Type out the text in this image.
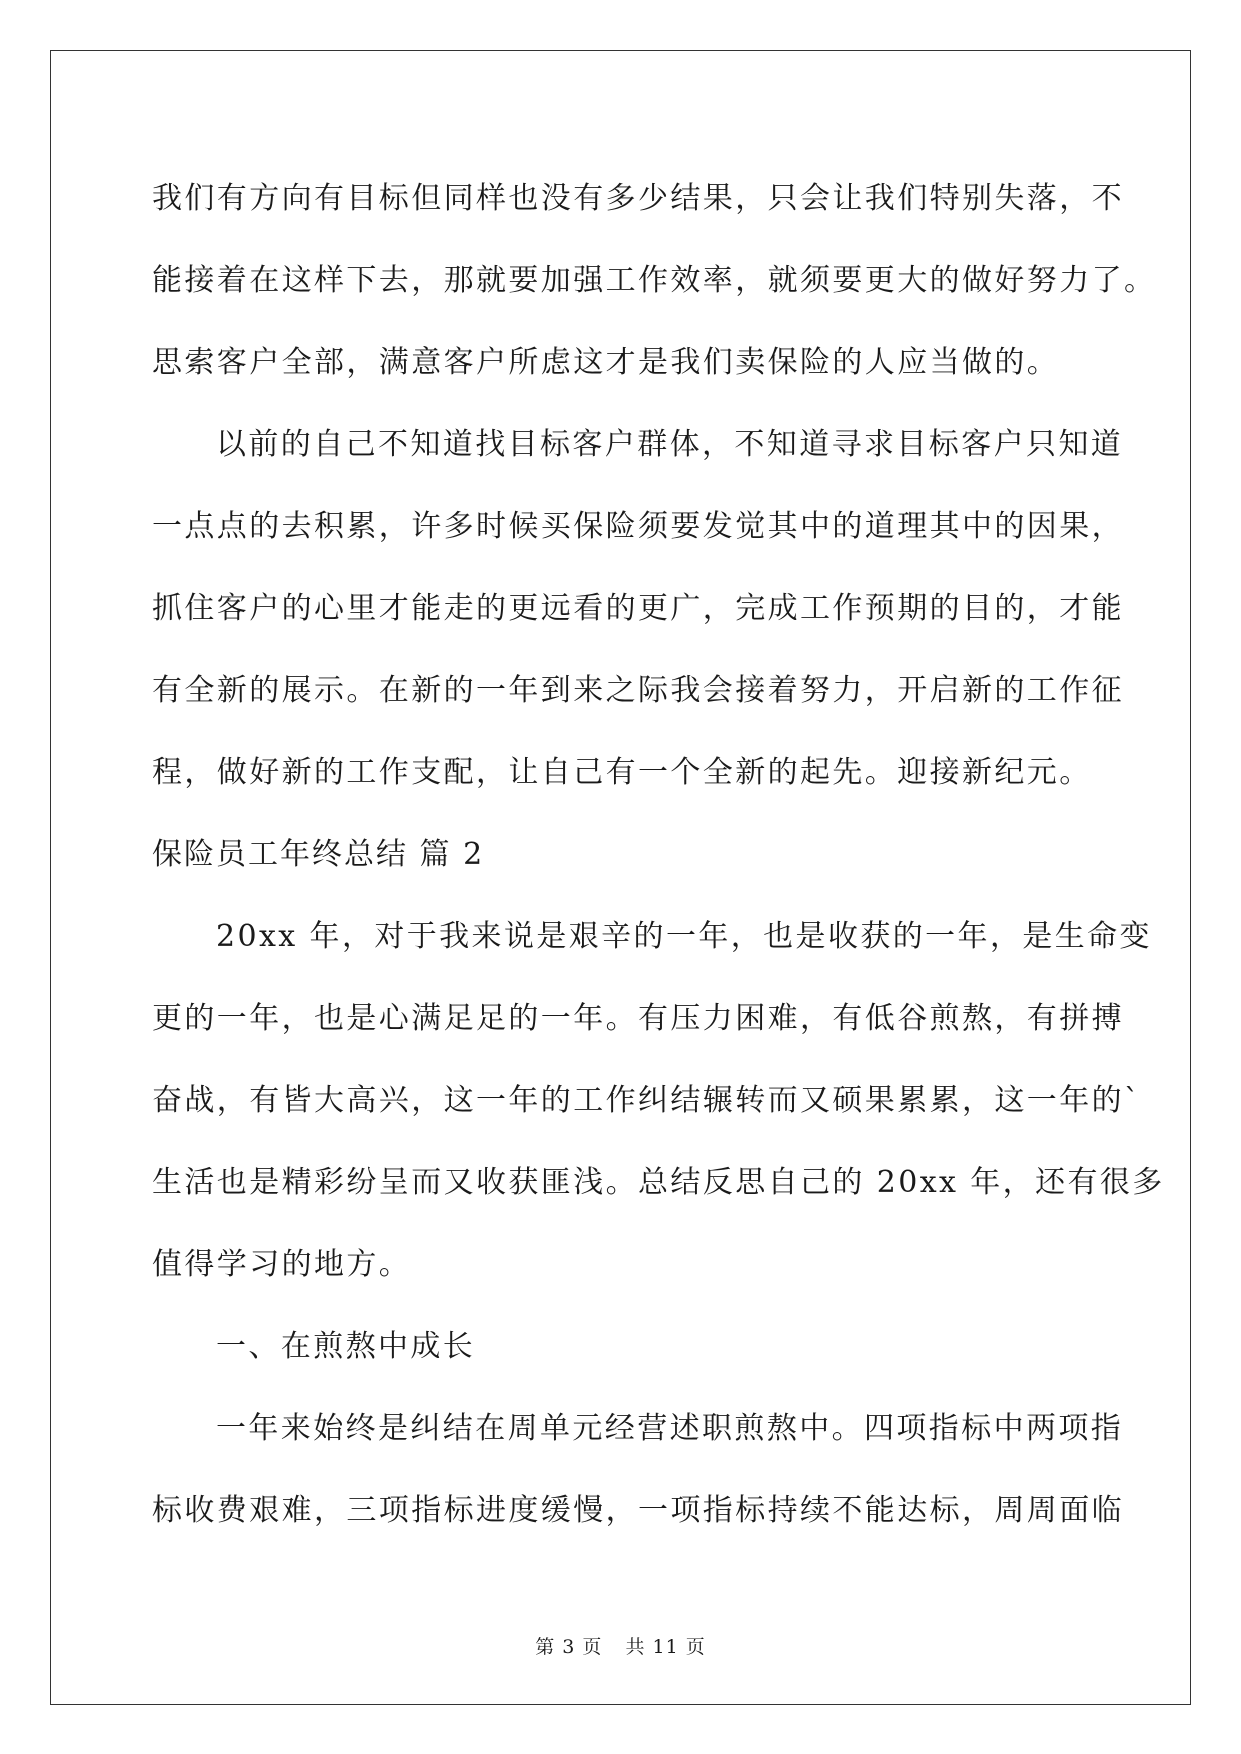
我们有方向有目标但同样也没有多少结果，只会让我们特别失落，不
能接着在这样下去，那就要加强工作效率，就须要更大的做好努力了。
思索客户全部，满意客户所虑这才是我们卖保险的人应当做的。
以前的自己不知道找目标客户群体，不知道寻求目标客户只知道
一点点的去积累，许多时候买保险须要发觉其中的道理其中的因果，
抓住客户的心里才能走的更远看的更广，完成工作预期的目的，才能
有全新的展示。在新的一年到来之际我会接着努力，开启新的工作征
程，做好新的工作支配，让自己有一个全新的起先。迎接新纪元。
保险员工年终总结 篇 2
20xx 年，对于我来说是艰辛的一年，也是收获的一年，是生命变
更的一年，也是心满足足的一年。有压力困难，有低谷煎熬，有拼搏
奋战，有皆大高兴，这一年的工作纠结辗转而又硕果累累，这一年的`
生活也是精彩纷呈而又收获匪浅。总结反思自己的 20xx 年，还有很多
值得学习的地方。
一、在煎熬中成长
一年来始终是纠结在周单元经营述职煎熬中。四项指标中两项指
标收费艰难，三项指标进度缓慢，一项指标持续不能达标，周周面临
第 3 页 共 11 页
